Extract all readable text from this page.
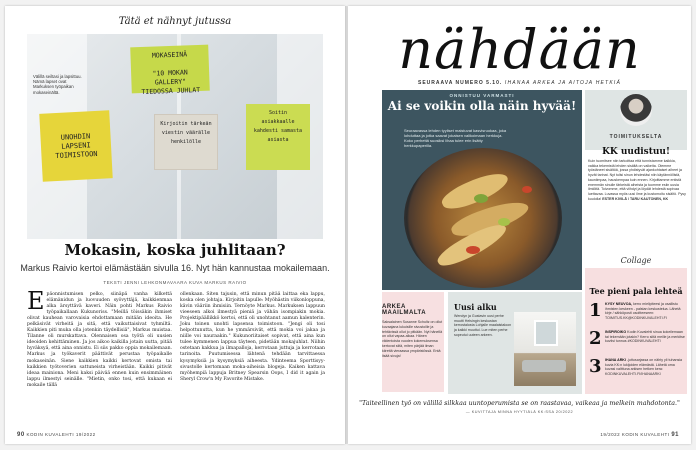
Tätä et nähnyt jutussa
Välillä seiltasi ja lapsittuu. Nämä lapset ovat Markuksen työpaikan mokaseinältä.
MOKASEINÄ

"10 MOKAN GALLERY"
TIEDOSSA JUHLAT
UNOHDIN
LAPSENI
TOIMISTOON
Kirjoitin tärkeän viestin väärälle henkilölle
Soitin asiakkaalle kahdesti samasta asiasta
Mokasin, koska juhlitaan?
Markus Raivio kertoi elämästään sivulla 16. Nyt hän kannustaa mokailemaan.
TEKSTI JENNI LEHKONMAVAARA KUVA MARKUS RAIVIO
Epäonnistumisen pelko, siinäpä vanha kilkettä elämänidun ja luovuuden syövyttäjä, kaikkienmaa alka ärsyttävä kaveri. Näin pohti Markus Raivio työpaikallaan Kukunoriss. "Meillä töissäkin ihmiset olivat kauhean varovaisia ehdottamaan mitään ideoita. He pelkäsivät virheitä ja sitä, että vaikuttaisivat tyhmiltä. Kaikkien piti muka olla jotenkin täydellisiä", Markus muistaa. Tilanne oli murskattava. Olennaisen osa työtä oli uusien ideoiden kehittäminen. Ja jos aikoo kaikilla jotain uutta, pitää hyväksyä, että aina onnistu. Ei siis pakko oppia mokailemaan. Markus ja työkaverit päättivät perustaa työpaikalle mokaseinän. Siene kaikkien kaikki kertovat omista tai kaikkien työtoverien sattuneista virheistään. Kaikki pitivät ideaa mainiona. Meni kaksi päivää ennen kuin ensimmäinen lappu ilmestyi seinälle. "Mietin, onko tosi, että kukaan ei mokaile tällä
ollenkaan. Siten tajusin, että minun pitää laittaa eka lappu, koska olen johtaja. Kirjoitin lapulle: Myöhästin viikonloppuna, kävin vääriin ihmisiin. Ternöyte Markus. Markuksen lappuun vieeseen alkoi ilmestyä pieniä ja vähän isompiakin mokia. Projektipäällikkö kertoi, että oli unohtanut aamun kalenterin. Joku toinen unohti lapsensa toimistoon. "Jengi oli tosi helpottunutta, kun he ymmärsivät, että mokia voi jakaa ja niille voi nauraakin." Kukunoriitaiset sopivat, että aina kun tulee kymmenen lappua täyteen, pidetään mokajuhlat. Niihin ostetaan kakkua ja ilmapalloja, kerrotaan juttuja ja kerrotaan tarinoita. Puutumisessa lähtenä tehdään tarvittaessa kysymyksiä ja kysymyksiä aiheesta. Ydinteema Sporttisyy-sivustolle kertomaan moka-aiheisia blogeja. Kaiken kattava myöhempiä lappuja Britney Spearsin Oops, I did it again ja Sheryl Crow'n My Favorite Mistake.
90 KODIN KUVALEHTI 19/2022
nähdään
SEURAAVA NUMERO 5.10. IHANAA ARKEA JA AITOJA HETKIÄ
ONNISTUU VARMASTI
Ai se voikin olla näin hyvää!
Seuraavassa lehden tyyliset maistuvat kasvisruokaa, joka lohduttaa ja jotka saavat jokaisen valikoimaan herkkuja. Koko perhettä suosiksi lihaa tulee erin lisätty herkkupaperilla.
TOIMITUKSELTA
KK uudistuu!
Kuin tuomitsee niin tarkoittaa että tunnistamme kaikkia, vaikka tekemistä lehden sisältä on vaikeita. Olemme työstäneet sisältöä, jossa yhdistyvät ajankohtaiset aiheet ja hyvät tarinat. Nyt tulisi sinun lehdestäsi niin käytännöllistä, kauniimpaa, hauskempaa kuin ennen. Kirjoittamme entistä enemmän sinulle tärkeistä aiheista ja tuomme esiin uusia ilmiöitä. Toivomme, että viihdyt ja löydät lehdestä sopivaa luettavaa. Luvassa myös uusi ilme ja kustomoitu sisältö. Pysy kuulolla! ESTER KIVILÄ / TARU KAUTONEN, KK
Collage
Tee pieni pala lehteä
1 KYSY NEUVOA, kerro mielipiteesi ja osallistu ihmisten keskeen - palstan keskustelua. Lähetä kirje / sähköposti osoitteeseen: TOIMITUS.KK@KODINKUVALEHTI.FI
2 INSPIROIKO Kodin Kuvalehti sinua kokeilemaan tai tekemään jotakin? Kerro siitä meille ja merkitse kuviisi tunnus #KODINKUVALEHTI
3 IHANA ARKI -juttusarjassa on nähty yli tuhansia kuvia KK:n lukijoiden elämästä. Lähetä oma kuvasi valittuna arkisen hetken kera: KODINKUVALEHTI.FI/IHANAARKI
ARKEA MAAILMALTA
Saksalainen Susanne Schultz on ollut kuvaajana lukuisille sivustoille ja tehtävissä ollut jo pitkään. Nyt hänellä on ollut vapaa-aikaa. Hänen viidentoista vuoden kokemuksensa kertovat siitä, miten pärjää ilman kiirettä vieraassa ympäristössä. Entä lisää sivuja!
Uusi alku
Wendyn ja Gustavin uusi perhe muutti Helsingin keskustan kerrostalosta Lohjalle maalaistaloon ja kaikki muuttui. Lue miten perhe sopeutui uuteen arkeen.
"Taiteellinen työ on välillä silkkaa uuntoperumista se on raastavaa, vaikeaa ja melkein mahdotonta."
— KUVITTAJA MINNA HYYTIÄLÄ KK:SSA 20/2022
19/2022 KODIN KUVALEHTI 91
